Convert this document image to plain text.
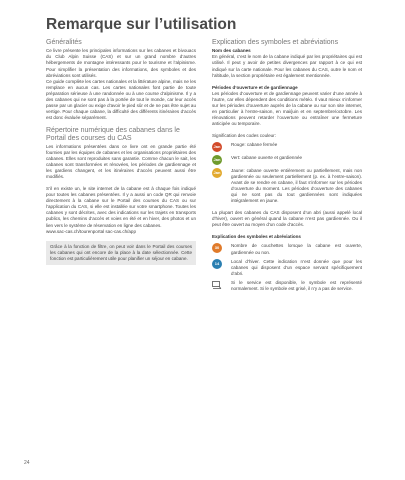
Remarque sur l’utilisation
Généralités

Ce livre présente les principales informations sur les cabanes et bivouacs du Club Alpin Suisse (CAS) et sur un grand nombre d’autres hébergements de montagne intéressants pour le tourisme et l’alpinisme. Pour simplifier la présentation des informations, des symboles et des abréviations sont utilisés.

Ce guide complète les cartes nationales et la littérature alpine, mais ne les remplace en aucun cas. Les cartes nationales font partie de toute préparation sérieuse à une randonnée ou à une course d’alpinisme. Il y a des cabanes qui ne sont pas à la portée de tout le monde, car leur accès passe par un glacier ou exige d’avoir le pied sûr et de ne pas être sujet au vertige. Pour chaque cabane, la difficulté des différents itinéraires d’accès est donc évaluée séparément.

Répertoire numérique des cabanes dans le Portail des courses du CAS

Les informations présentées dans ce livre ont en grande partie été fournies par les équipes de cabanes et les organisations propriétaires des cabanes. Elles sont reproduites sans garantie. Comme chacun le sait, les cabanes sont transformées et rénovées, les périodes de gardiennage et les gardiens changent, et les itinéraires d’accès peuvent aussi être modifiés.

S’il en existe un, le site internet de la cabane est à chaque fois indiqué pour toutes les cabanes présentées. Il y a aussi un code QR qui renvoie directement à la cabane sur le Portail des courses du CAS ou sur l’application du CAS, si elle est installée sur votre smartphone. Toutes les cabanes y sont décrites, avec des indications sur les trajets en transports publics, les chemins d’accès et voies en été et en hiver, des photos et un lien vers le système de réservation en ligne des cabanes.

www.sac-cas.ch/tourenportal sac-cas.ch/app

Grâce à la fonction de filtre, on peut voir dans le Portail des courses les cabanes qui ont encore de la place à la date sélectionnée. Cette fonction est particulièrement utile pour planifier un séjour en cabane.

Explication des symboles et abréviations
Nom des cabanes

En général, c’est le nom de la cabane indiqué par les propriétaires qui est utilisé. Il peut y avoir de petites divergences par rapport à ce qui est indiqué sur la carte nationale. Pour les cabanes du CAS, outre le nom et l’altitude, la section propriétaire est également mentionnée.

Périodes d’ouverture et de gardiennage

Les périodes d’ouverture et de gardiennage peuvent varier d’une année à l’autre, car elles dépendent des conditions météo. Il vaut mieux s’informer sur les périodes d’ouverture auprès de la cabane ou sur son site internet, en particulier à l’entre-saison, en mai/juin et en septembre/octobre. Les rénovations peuvent retarder l’ouverture ou entraîner une fermeture anticipée ou temporaire.

Signification des codes couleur:

Jan	Rouge: cabane fermée
Jan	Vert: cabane ouverte et gardiennée
Jan	Jaune: cabane ouverte entièrement ou partiellement, mais non gardiennée ou seulement partiellement (p. ex. à l’entre-saison). Avant de se rendre en cabane, il faut s’informer sur les périodes d’ouverture du moment. Les périodes d’ouverture des cabanes qui ne sont pas du tout gardiennées sont indiquées intégralement en jaune.

La plupart des cabanes du CAS disposent d’un abri (aussi appelé local d’hiver), ouvert en général quand la cabane n’est pas gardiennée. Ou il peut être ouvert au moyen d’un code d’accès.

Explication des symboles et abréviations
30	Nombre de couchettes lorsque la cabane est ouverte, gardiennée ou non.
14	Local d’hiver. Cette indication n’est donnée que pour les cabanes qui disposent d’un espace servant spécifiquement d’abri.
Si le service est disponible, le symbole est représenté normalement. Si le symbole est grisé, il n’y a pas de service.
24
